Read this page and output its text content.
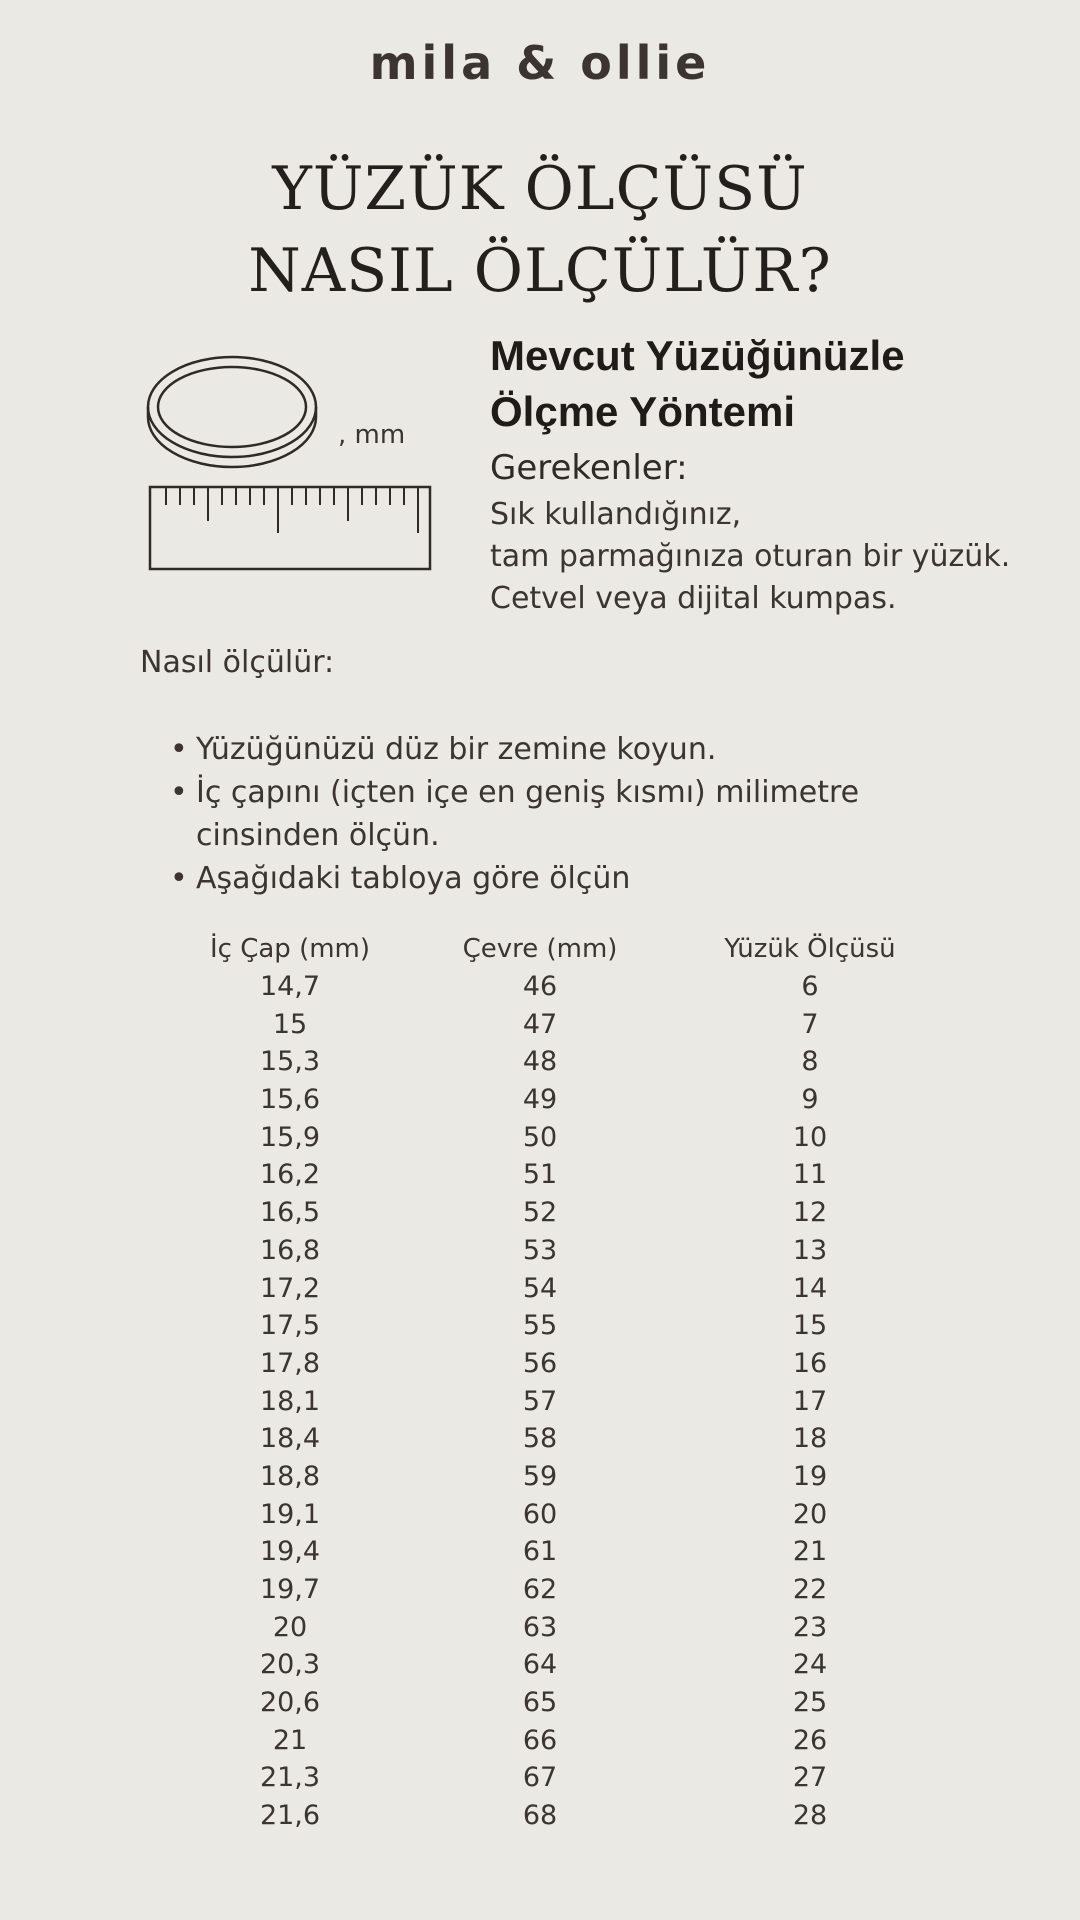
mila & ollie
YÜZÜK ÖLÇÜSÜ
NASIL ÖLÇÜLÜR?
, mm
Mevcut Yüzüğünüzle
Ölçme Yöntemi
Gerekenler:
Sık kullandığınız,
tam parmağınıza oturan bir yüzük.
Cetvel veya dijital kumpas.
Nasıl ölçülür:
• Yüzüğünüzü düz bir zemine koyun.
• İç çapını (içten içe en geniş kısmı) milimetre cinsinden ölçün.
• Aşağıdaki tabloya göre ölçün
İç Çap (mm)	Çevre (mm)	Yüzük Ölçüsü
14,7	46	6
15	47	7
15,3	48	8
15,6	49	9
15,9	50	10
16,2	51	11
16,5	52	12
16,8	53	13
17,2	54	14
17,5	55	15
17,8	56	16
18,1	57	17
18,4	58	18
18,8	59	19
19,1	60	20
19,4	61	21
19,7	62	22
20	63	23
20,3	64	24
20,6	65	25
21	66	26
21,3	67	27
21,6	68	28
